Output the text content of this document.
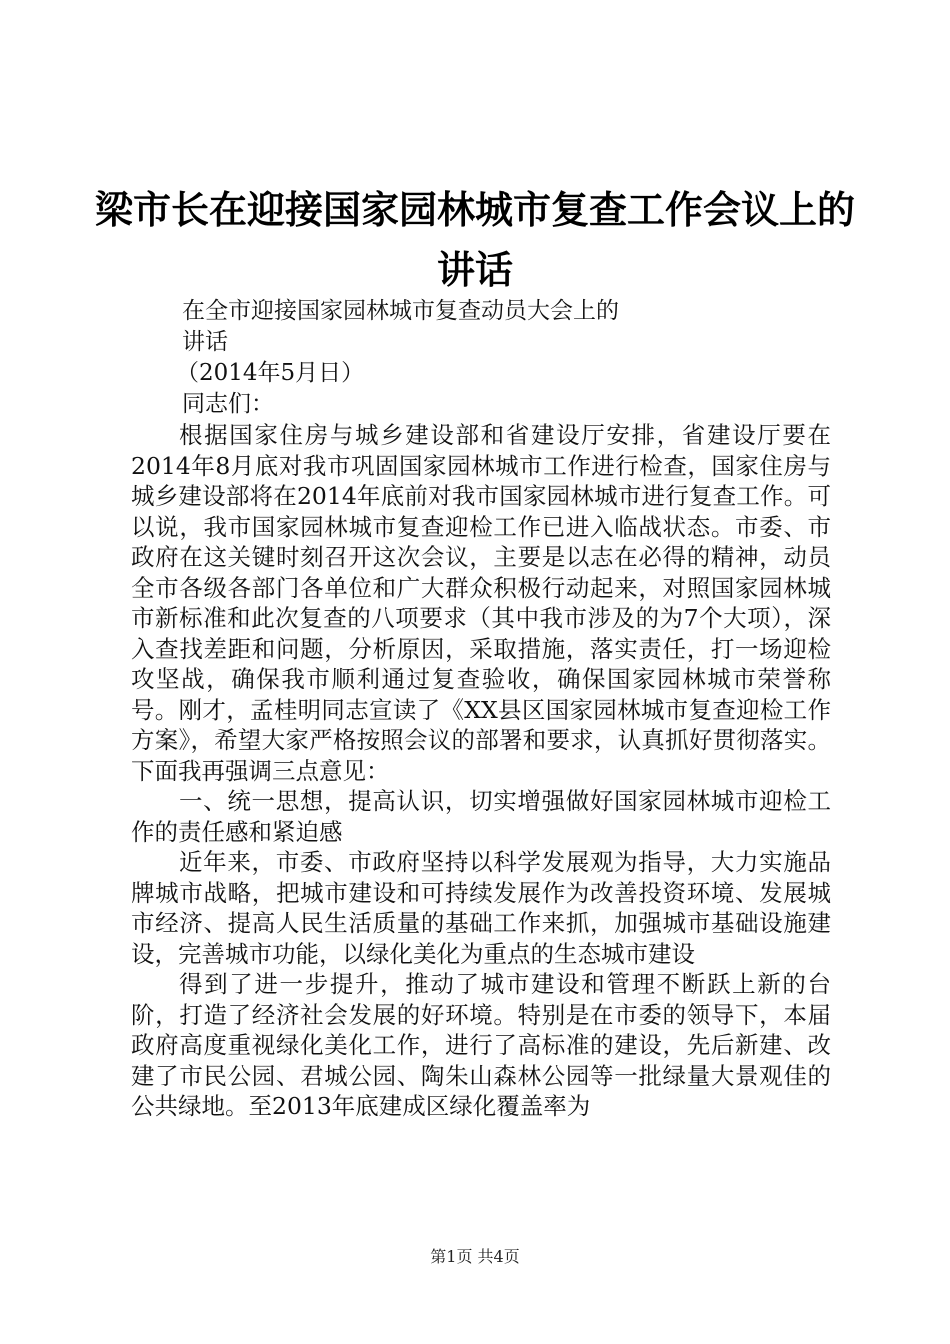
梁市长在迎接国家园林城市复查工作会议上的
讲话
在全市迎接国家园林城市复查动员大会上的
讲话
（2014年5月日）
同志们：

根据国家住房与城乡建设部和省建设厅安排，省建设厅要在2014年8月底对我市巩固国家园林城市工作进行检查，国家住房与城乡建设部将在2014年底前对我市国家园林城市进行复查工作。可以说，我市国家园林城市复查迎检工作已进入临战状态。市委、市政府在这关键时刻召开这次会议，主要是以志在必得的精神，动员全市各级各部门各单位和广大群众积极行动起来，对照国家园林城市新标准和此次复查的八项要求（其中我市涉及的为7个大项），深入查找差距和问题，分析原因，采取措施，落实责任，打一场迎检攻坚战，确保我市顺利通过复查验收，确保国家园林城市荣誉称号。刚才，孟桂明同志宣读了《XX县区国家园林城市复查迎检工作方案》，希望大家严格按照会议的部署和要求，认真抓好贯彻落实。下面我再强调三点意见：

一、统一思想，提高认识，切实增强做好国家园林城市迎检工作的责任感和紧迫感

近年来，市委、市政府坚持以科学发展观为指导，大力实施品牌城市战略，把城市建设和可持续发展作为改善投资环境、发展城市经济、提高人民生活质量的基础工作来抓，加强城市基础设施建设，完善城市功能，以绿化美化为重点的生态城市建设

得到了进一步提升，推动了城市建设和管理不断跃上新的台阶，打造了经济社会发展的好环境。特别是在市委的领导下，本届政府高度重视绿化美化工作，进行了高标准的建设，先后新建、改建了市民公园、君城公园、陶朱山森林公园等一批绿量大景观佳的公共绿地。至2013年底建成区绿化覆盖率为

第1页 共4页
